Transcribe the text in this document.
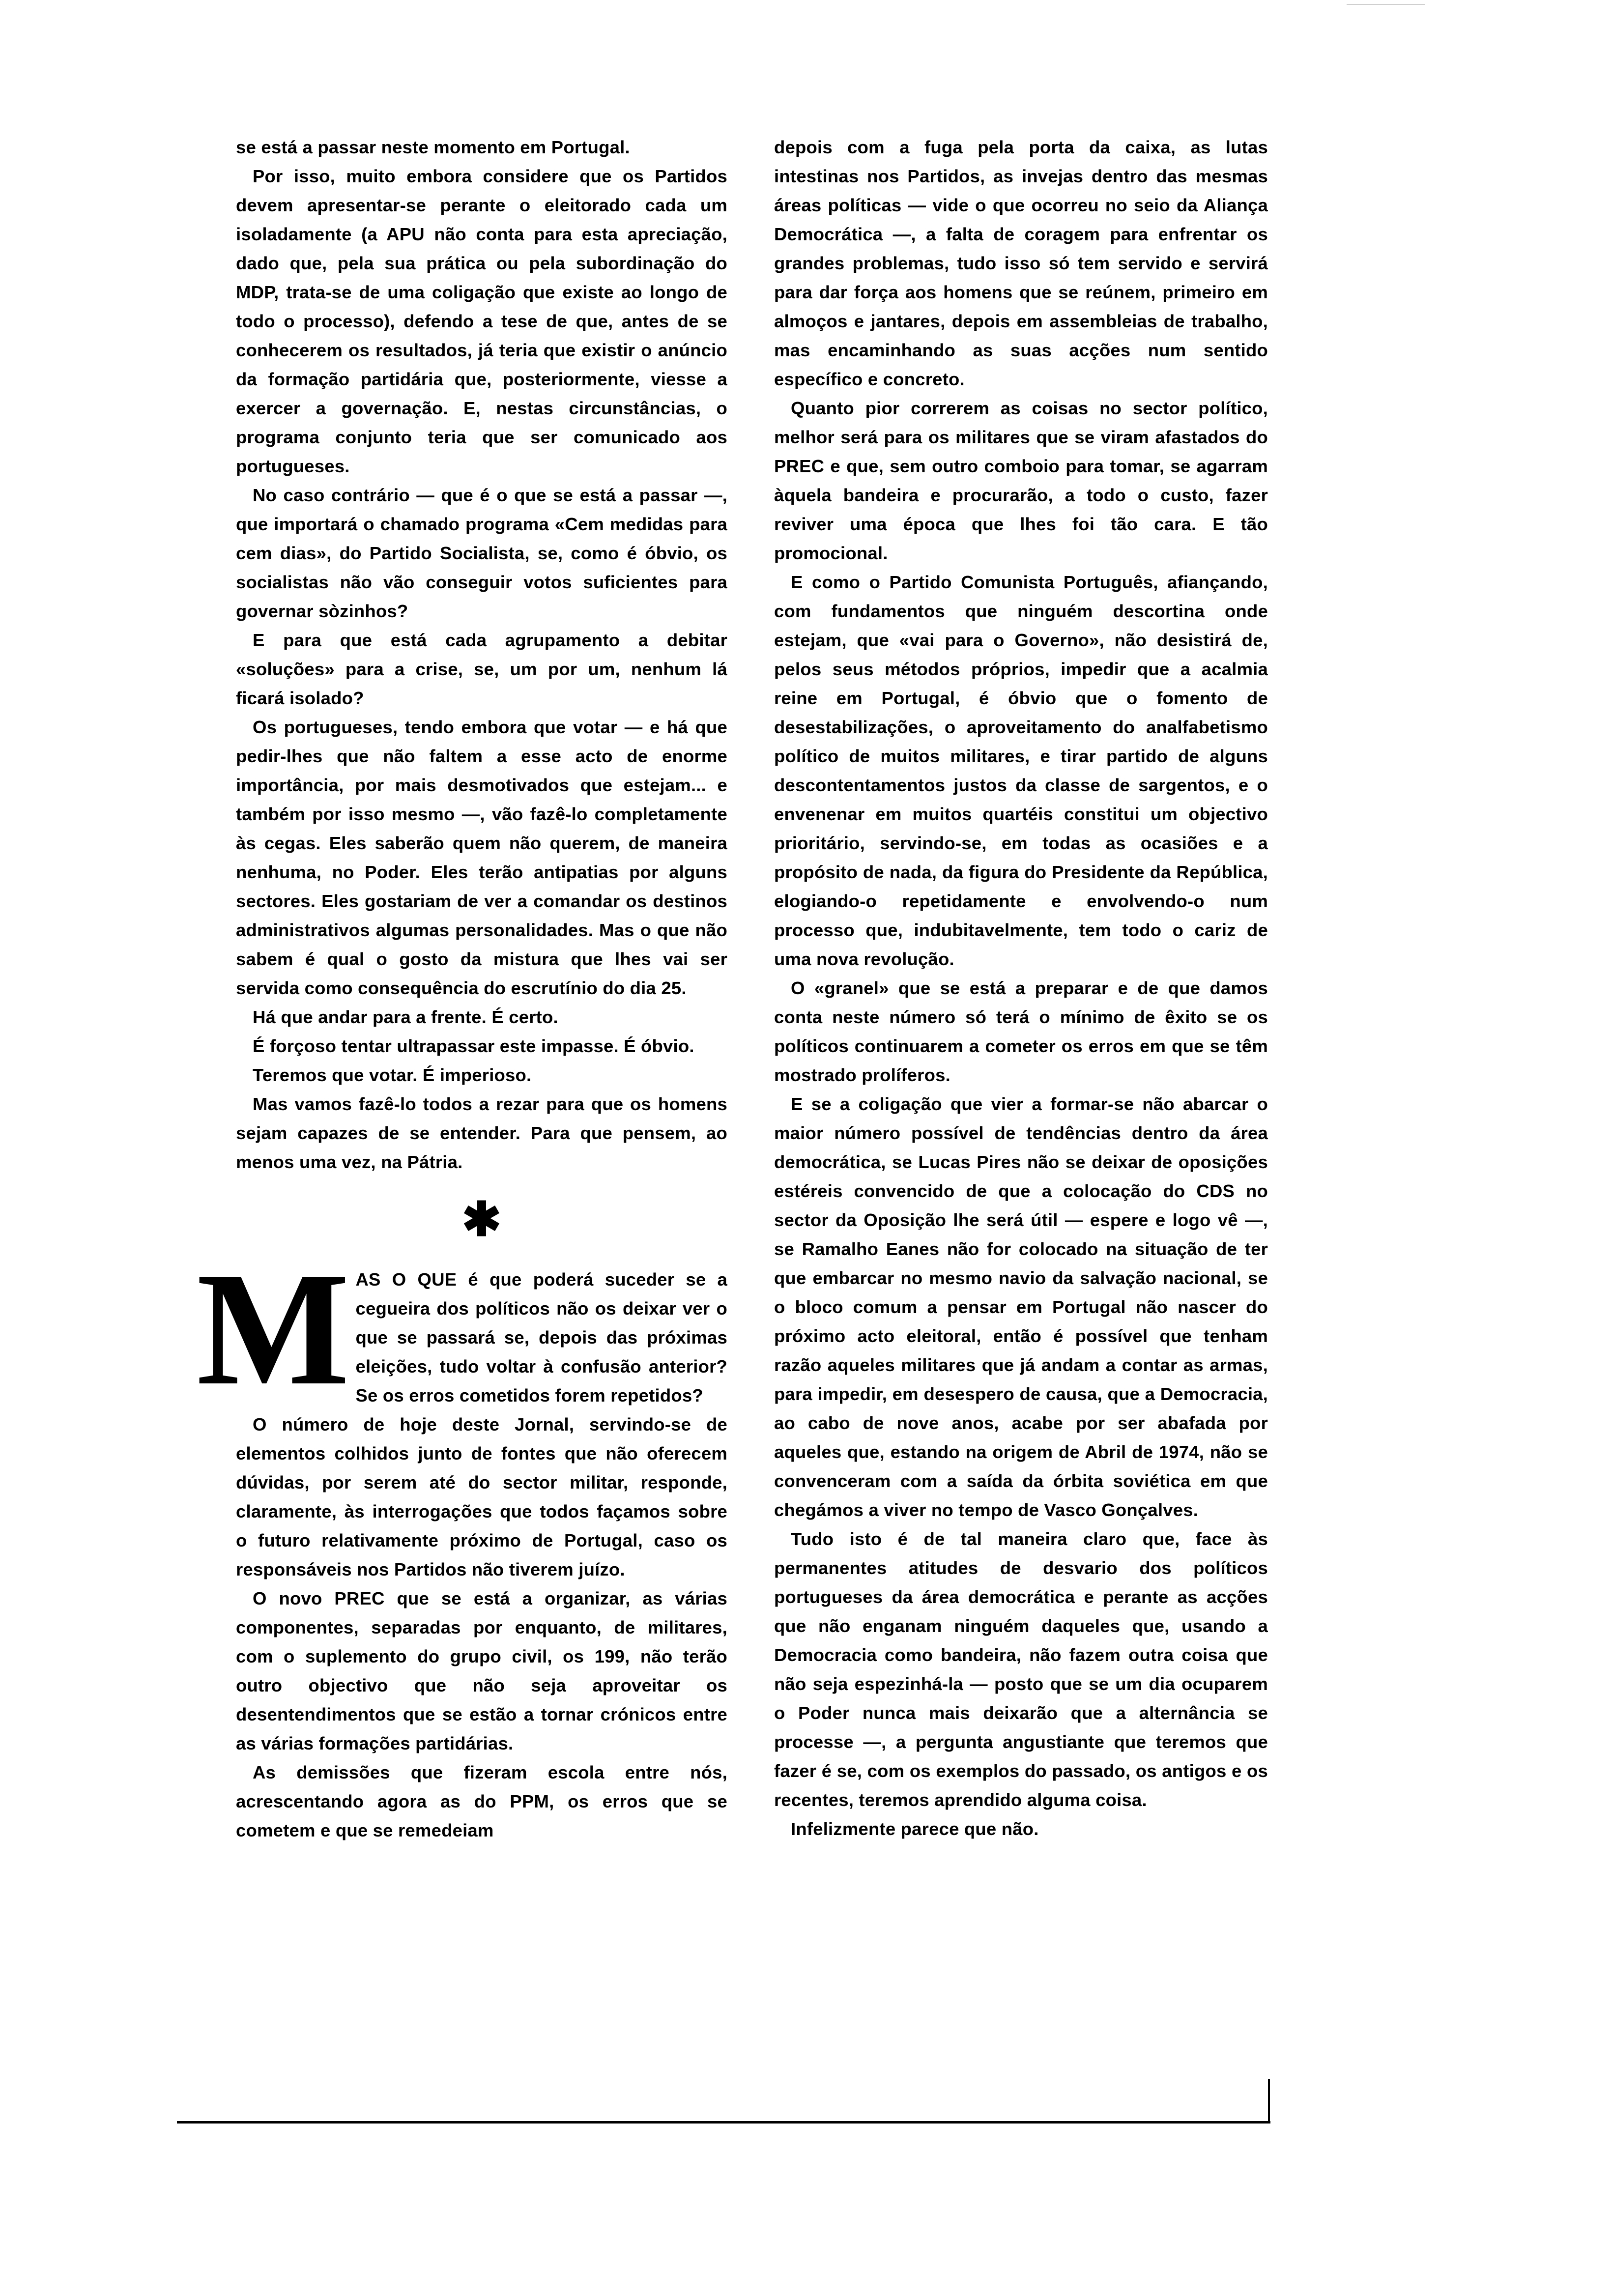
se está a passar neste momento em Portugal.

Por isso, muito embora considere que os Partidos devem apresentar-se perante o eleitorado cada um isoladamente (a APU não conta para esta apreciação, dado que, pela sua prática ou pela subordinação do MDP, trata-se de uma coligação que existe ao longo de todo o processo), defendo a tese de que, antes de se conhecerem os resultados, já teria que existir o anúncio da formação partidária que, posteriormente, viesse a exercer a governação. E, nestas circunstâncias, o programa conjunto teria que ser comunicado aos portugueses.

No caso contrário — que é o que se está a passar —, que importará o chamado programa «Cem medidas para cem dias», do Partido Socialista, se, como é óbvio, os socialistas não vão conseguir votos suficientes para governar sòzinhos?

E para que está cada agrupamento a debitar «soluções» para a crise, se, um por um, nenhum lá ficará isolado?

Os portugueses, tendo embora que votar — e há que pedir-lhes que não faltem a esse acto de enorme importância, por mais desmotivados que estejam... e também por isso mesmo —, vão fazê-lo completamente às cegas. Eles saberão quem não querem, de maneira nenhuma, no Poder. Eles terão antipatias por alguns sectores. Eles gostariam de ver a comandar os destinos administrativos algumas personalidades. Mas o que não sabem é qual o gosto da mistura que lhes vai ser servida como consequência do escrutínio do dia 25.

Há que andar para a frente. É certo.

É forçoso tentar ultrapassar este impasse. É óbvio.

Teremos que votar. É imperioso.

Mas vamos fazê-lo todos a rezar para que os homens sejam capazes de se entender. Para que pensem, ao menos uma vez, na Pátria.

✱

MAS O QUE é que poderá suceder se a cegueira dos políticos não os deixar ver o que se passará se, depois das próximas eleições, tudo voltar à confusão anterior? Se os erros cometidos forem repetidos?

O número de hoje deste Jornal, servindo-se de elementos colhidos junto de fontes que não oferecem dúvidas, por serem até do sector militar, responde, claramente, às interrogações que todos façamos sobre o futuro relativamente próximo de Portugal, caso os responsáveis nos Partidos não tiverem juízo.

O novo PREC que se está a organizar, as várias componentes, separadas por enquanto, de militares, com o suplemento do grupo civil, os 199, não terão outro objectivo que não seja aproveitar os desentendimentos que se estão a tornar crónicos entre as várias formações partidárias.

As demissões que fizeram escola entre nós, acrescentando agora as do PPM, os erros que se cometem e que se remedeiam

depois com a fuga pela porta da caixa, as lutas intestinas nos Partidos, as invejas dentro das mesmas áreas políticas — vide o que ocorreu no seio da Aliança Democrática —, a falta de coragem para enfrentar os grandes problemas, tudo isso só tem servido e servirá para dar força aos homens que se reúnem, primeiro em almoços e jantares, depois em assembleias de trabalho, mas encaminhando as suas acções num sentido específico e concreto.

Quanto pior correrem as coisas no sector político, melhor será para os militares que se viram afastados do PREC e que, sem outro comboio para tomar, se agarram àquela bandeira e procurarão, a todo o custo, fazer reviver uma época que lhes foi tão cara. E tão promocional.

E como o Partido Comunista Português, afiançando, com fundamentos que ninguém descortina onde estejam, que «vai para o Governo», não desistirá de, pelos seus métodos próprios, impedir que a acalmia reine em Portugal, é óbvio que o fomento de desestabilizações, o aproveitamento do analfabetismo político de muitos militares, e tirar partido de alguns descontentamentos justos da classe de sargentos, e o envenenar em muitos quartéis constitui um objectivo prioritário, servindo-se, em todas as ocasiões e a propósito de nada, da figura do Presidente da República, elogiando-o repetidamente e envolvendo-o num processo que, indubitavelmente, tem todo o cariz de uma nova revolução.

O «granel» que se está a preparar e de que damos conta neste número só terá o mínimo de êxito se os políticos continuarem a cometer os erros em que se têm mostrado prolíferos.

E se a coligação que vier a formar-se não abarcar o maior número possível de tendências dentro da área democrática, se Lucas Pires não se deixar de oposições estéreis convencido de que a colocação do CDS no sector da Oposição lhe será útil — espere e logo vê —, se Ramalho Eanes não for colocado na situação de ter que embarcar no mesmo navio da salvação nacional, se o bloco comum a pensar em Portugal não nascer do próximo acto eleitoral, então é possível que tenham razão aqueles militares que já andam a contar as armas, para impedir, em desespero de causa, que a Democracia, ao cabo de nove anos, acabe por ser abafada por aqueles que, estando na origem de Abril de 1974, não se convenceram com a saída da órbita soviética em que chegámos a viver no tempo de Vasco Gonçalves.

Tudo isto é de tal maneira claro que, face às permanentes atitudes de desvario dos políticos portugueses da área democrática e perante as acções que não enganam ninguém daqueles que, usando a Democracia como bandeira, não fazem outra coisa que não seja espezinhá-la — posto que se um dia ocuparem o Poder nunca mais deixarão que a alternância se processe —, a pergunta angustiante que teremos que fazer é se, com os exemplos do passado, os antigos e os recentes, teremos aprendido alguma coisa.

Infelizmente parece que não.
